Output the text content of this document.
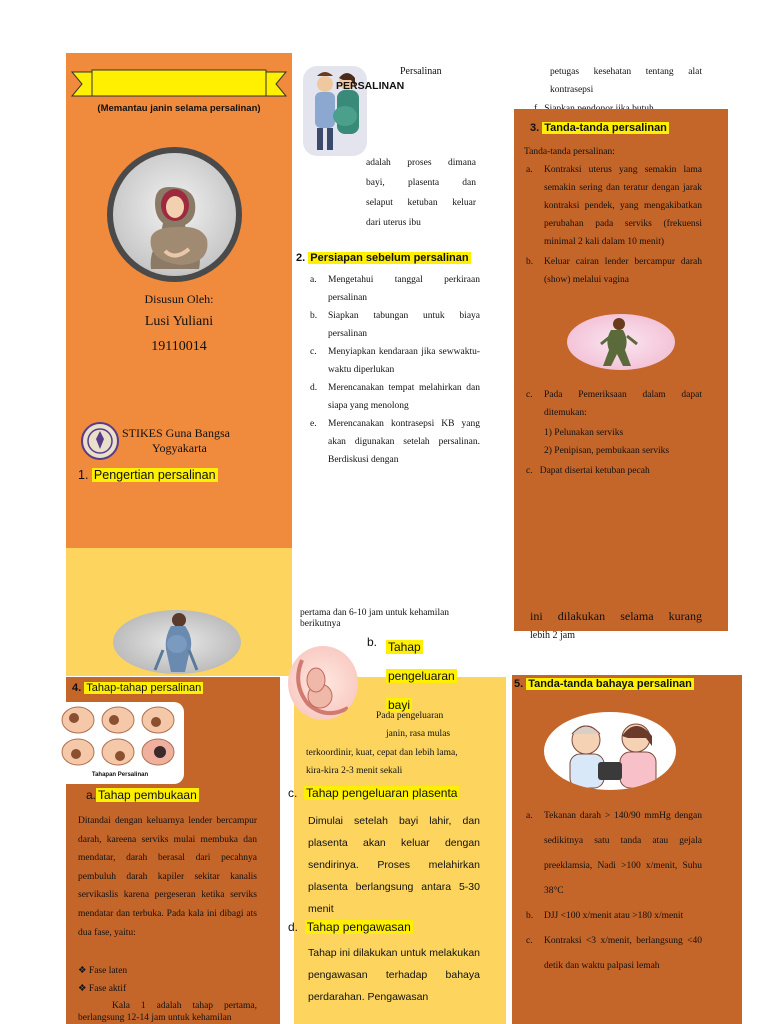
(Memantau janin selama persalinan)
Disusun Oleh:
Lusi Yuliani
19110014
STIKES Guna Bangsa
Yogyakarta
1. Pengertian persalinan
Persalinan
PERSALINAN
adalah proses dimana
bayi, plasenta dan
selaput ketuban keluar
dari uterus ibu
2. Persiapan sebelum persalinan
a. Mengetahui tanggal perkiraan persalinan
b. Siapkan tabungan untuk biaya persalinan
c. Menyiapkan kendaraan jika sewwaktu-waktu diperlukan
d. Merencanakan tempat melahirkan dan siapa yang menolong
e. Merencanakan kontrasepsi KB yang akan digunakan setelah persalinan. Berdiskusi dengan
petugas kesehatan tentang alat
kontrasepsi

3. Tanda-tanda persalinan
Tanda-tanda persalinan:
a. Kontraksi uterus yang semakin lama semakin sering dan teratur dengan jarak kontraksi pendek, yang mengakibatkan perubahan pada serviks (frekuensi minimal 2 kali dalam 10 menit)
b. Keluar cairan lender bercampur darah (show) melalui vagina
c. Pada Pemeriksaan dalam dapat ditemukan:
1) Pelunakan serviks
2) Penipisan, pembukaan serviks
c. Dapat disertai ketuban pecah
pertama dan 6-10 jam untuk kehamilan berikutnya
ini dilakukan selama kurang
lebih 2 jam
4. Tahap-tahap persalinan
Tahapan Persalinan
a. Tahap pembukaan
Ditandai dengan keluarnya lender bercampur darah, kareena serviks mulai membuka dan mendatar, darah berasal dari pecahnya pembuluh darah kapiler sekitar kanalis servikaslis karena pergeseran ketika serviks mendatar dan terbuka. Pada kala ini dibagi ats dua fase, yaitu:
❖ Fase laten
❖ Fase aktif
Kala 1 adalah tahap pertama, berlangsung 12-14 jam untuk kehamilan
b. Tahap
pengeluaran
bayi
Pada pengeluaran
janin, rasa mulas
terkoordinir, kuat, cepat dan lebih lama, kira-kira 2-3 menit sekali
c. Tahap pengeluaran plasenta
Dimulai setelah bayi lahir, dan plasenta akan keluar dengan sendirinya. Proses melahirkan plasenta berlangsung antara 5-30 menit
d. Tahap pengawasan
Tahap ini dilakukan untuk melakukan pengawasan terhadap bahaya perdarahan. Pengawasan
5. Tanda-tanda bahaya persalinan
a. Tekanan darah > 140/90 mmHg dengan sedikitnya satu tanda atau gejala preeklamsia, Nadi >100 x/menit, Suhu 38°C
b. DJJ <100 x/menit atau >180 x/menit
c. Kontraksi <3 x/menit, berlangsung <40 detik dan waktu palpasi lemah
